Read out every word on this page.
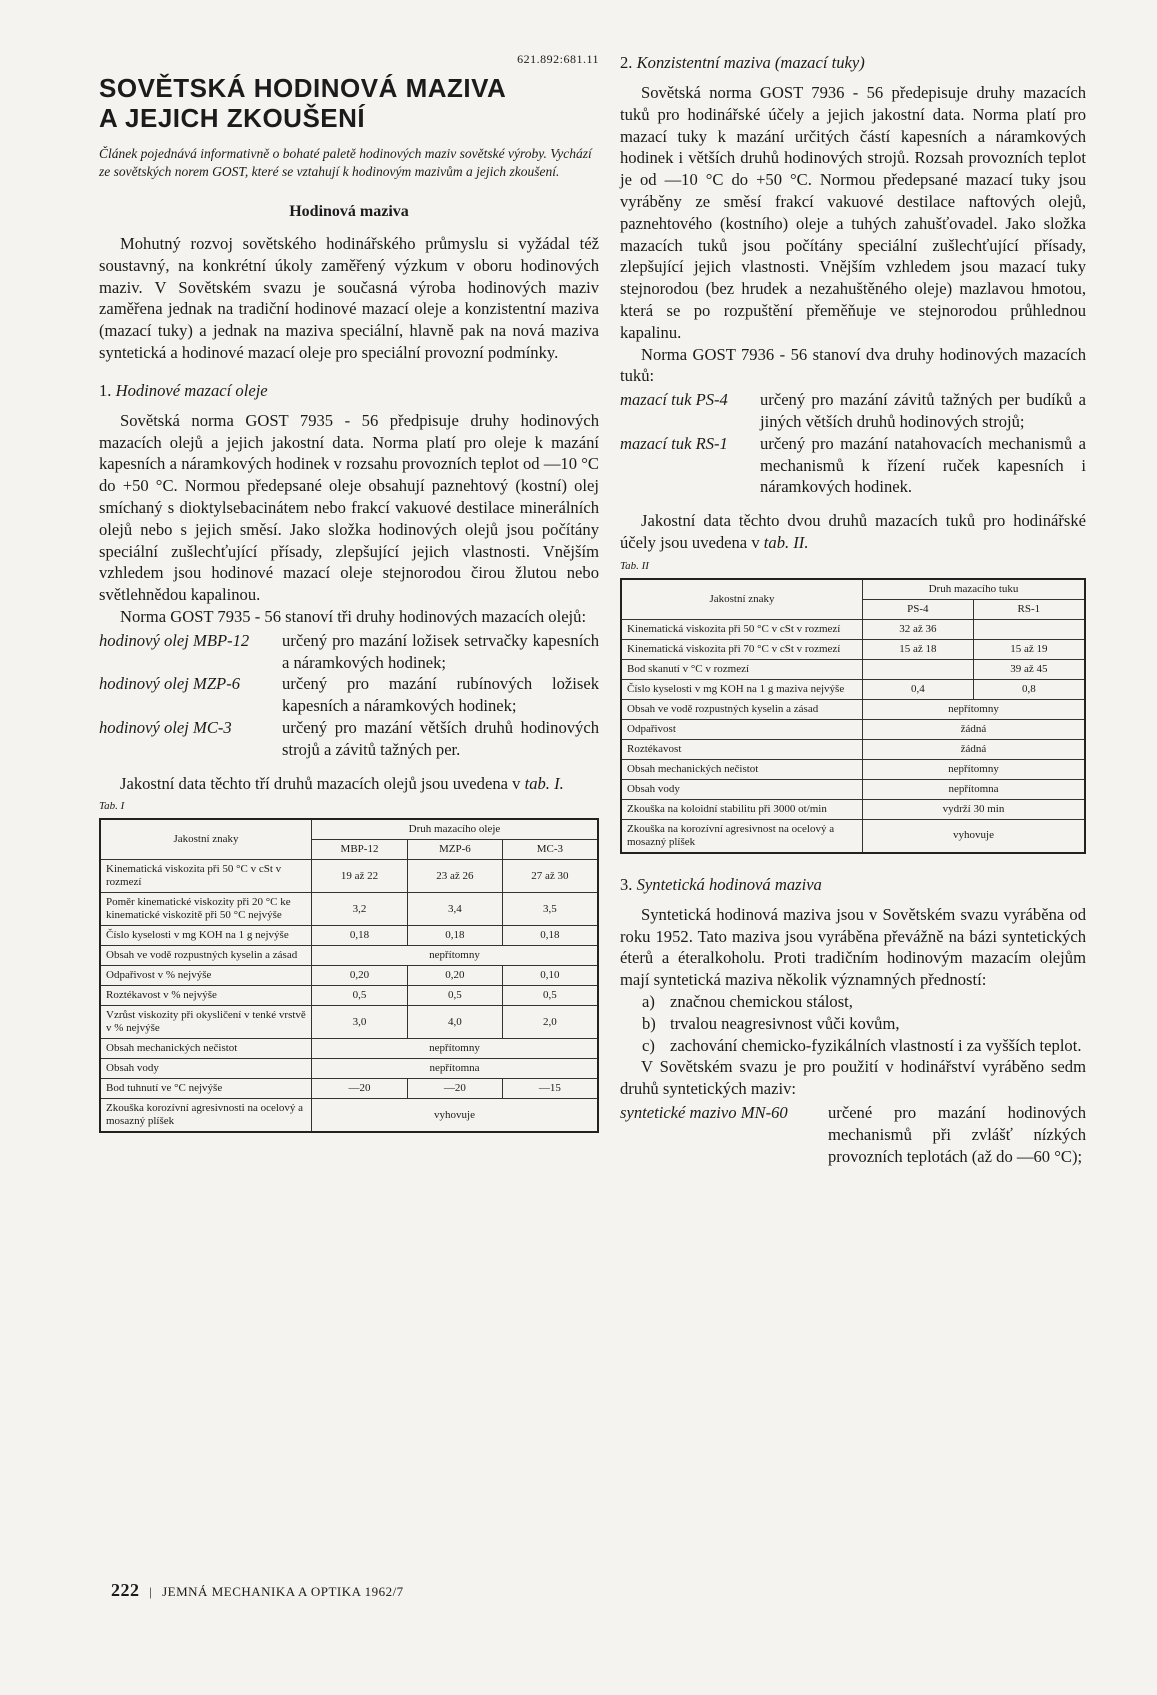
621.892:681.11
SOVĚTSKÁ HODINOVÁ MAZIVA
A JEJICH ZKOUŠENÍ

Článek pojednává informativně o bohaté paletě hodinových maziv sovětské výroby. Vychází ze sovětských norem GOST, které se vztahují k hodinovým mazivům a jejich zkoušení.

Hodinová maziva

Mohutný rozvoj sovětského hodinářského průmyslu si vyžádal též soustavný, na konkrétní úkoly zaměřený výzkum v oboru hodinových maziv. V Sovětském svazu je současná výroba hodinových maziv zaměřena jednak na tradiční hodinové mazací oleje a konzistentní maziva (mazací tuky) a jednak na maziva speciální, hlavně pak na nová maziva syntetická a hodinové mazací oleje pro speciální provozní podmínky.

1. Hodinové mazací oleje

Sovětská norma GOST 7935 - 56 předpisuje druhy hodinových mazacích olejů a jejich jakostní data. Norma platí pro oleje k mazání kapesních a náramkových hodinek v rozsahu provozních teplot od —10 °C do +50 °C. Normou předepsané oleje obsahují paznehtový (kostní) olej smíchaný s dioktylsebacinátem nebo frakcí vakuové destilace minerálních olejů nebo s jejich směsí. Jako složka hodinových olejů jsou počítány speciální zušlechťující přísady, zlepšující jejich vlastnosti. Vnějším vzhledem jsou hodinové mazací oleje stejnorodou čirou žlutou nebo světlehnědou kapalinou.

Norma GOST 7935 - 56 stanoví tři druhy hodinových mazacích olejů:

hodinový olej MBP-12	určený pro mazání ložisek setrvačky kapesních a náramkových hodinek;
hodinový olej MZP-6	určený pro mazání rubínových ložisek kapesních a náramkových hodinek;
hodinový olej MC-3	určený pro mazání větších druhů hodinových strojů a závitů tažných per.

Jakostní data těchto tří druhů mazacích olejů jsou uvedena v tab. I.

Tab. I
Jakostní znaky	Druh mazacího oleje		
	MBP-12	MZP-6	MC-3
Kinematická viskozita při 50 °C v cSt v rozmezí	19 až 22	23 až 26	27 až 30
Poměr kinematické viskozity při 20 °C ke kinematické viskozitě při 50 °C nejvýše	3,2	3,4	3,5
Číslo kyselosti v mg KOH na 1 g nejvýše	0,18	0,18	0,18
Obsah ve vodě rozpustných kyselin a zásad	nepřítomny		
Odpařivost v % nejvýše	0,20	0,20	0,10
Roztékavost v % nejvýše	0,5	0,5	0,5
Vzrůst viskozity při okysličení v tenké vrstvě v % nejvýše	3,0	4,0	2,0
Obsah mechanických nečistot	nepřítomny		
Obsah vody	nepřítomna		
Bod tuhnutí ve °C nejvýše	—20	—20	—15
Zkouška korozívní agresivnosti na ocelový a mosazný plíšek	vyhovuje		
2. Konzistentní maziva (mazací tuky)

Sovětská norma GOST 7936 - 56 předepisuje druhy mazacích tuků pro hodinářské účely a jejich jakostní data. Norma platí pro mazací tuky k mazání určitých částí kapesních a náramkových hodinek i větších druhů hodinových strojů. Rozsah provozních teplot je od —10 °C do +50 °C. Normou předepsané mazací tuky jsou vyráběny ze směsí frakcí vakuové destilace naftových olejů, paznehtového (kostního) oleje a tuhých zahušťovadel. Jako složka mazacích tuků jsou počítány speciální zušlechťující přísady, zlepšující jejich vlastnosti. Vnějším vzhledem jsou mazací tuky stejnorodou (bez hrudek a nezahuštěného oleje) mazlavou hmotou, která se po rozpuštění přeměňuje ve stejnorodou průhlednou kapalinu.

Norma GOST 7936 - 56 stanoví dva druhy hodinových mazacích tuků:

mazací tuk PS-4	určený pro mazání závitů tažných per budíků a jiných větších druhů hodinových strojů;
mazací tuk RS-1	určený pro mazání natahovacích mechanismů a mechanismů k řízení ruček kapesních i náramkových hodinek.

Jakostní data těchto dvou druhů mazacích tuků pro hodinářské účely jsou uvedena v tab. II.

Tab. II
Jakostní znaky	Druh mazacího tuku	
	PS-4	RS-1
Kinematická viskozita při 50 °C v cSt v rozmezí	32 až 36	
Kinematická viskozita při 70 °C v cSt v rozmezí	15 až 18	15 až 19
Bod skanutí v °C v rozmezí		39 až 45
Číslo kyselosti v mg KOH na 1 g maziva nejvýše	0,4	0,8
Obsah ve vodě rozpustných kyselin a zásad	nepřítomny	
Odpařivost	žádná	
Roztékavost	žádná	
Obsah mechanických nečistot	nepřítomny	
Obsah vody	nepřítomna	
Zkouška na koloidní stabilitu při 3000 ot/min	vydrží 30 min	
Zkouška na korozívní agresivnost na ocelový a mosazný plíšek	vyhovuje	
3. Syntetická hodinová maziva

Syntetická hodinová maziva jsou v Sovětském svazu vyráběna od roku 1952. Tato maziva jsou vyráběna převážně na bázi syntetických éterů a éteralkoholu. Proti tradičním hodinovým mazacím olejům mají syntetická maziva několik významných předností:

a) značnou chemickou stálost,
b) trvalou neagresivnost vůči kovům,
c) zachování chemicko-fyzikálních vlastností i za vyšších teplot.

V Sovětském svazu je pro použití v hodinářství vyráběno sedm druhů syntetických maziv:

syntetické mazivo MN-60	určené pro mazání hodinových mechanismů při zvlášť nízkých provozních teplotách (až do —60 °C);
222 | JEMNÁ MECHANIKA A OPTIKA 1962/7
